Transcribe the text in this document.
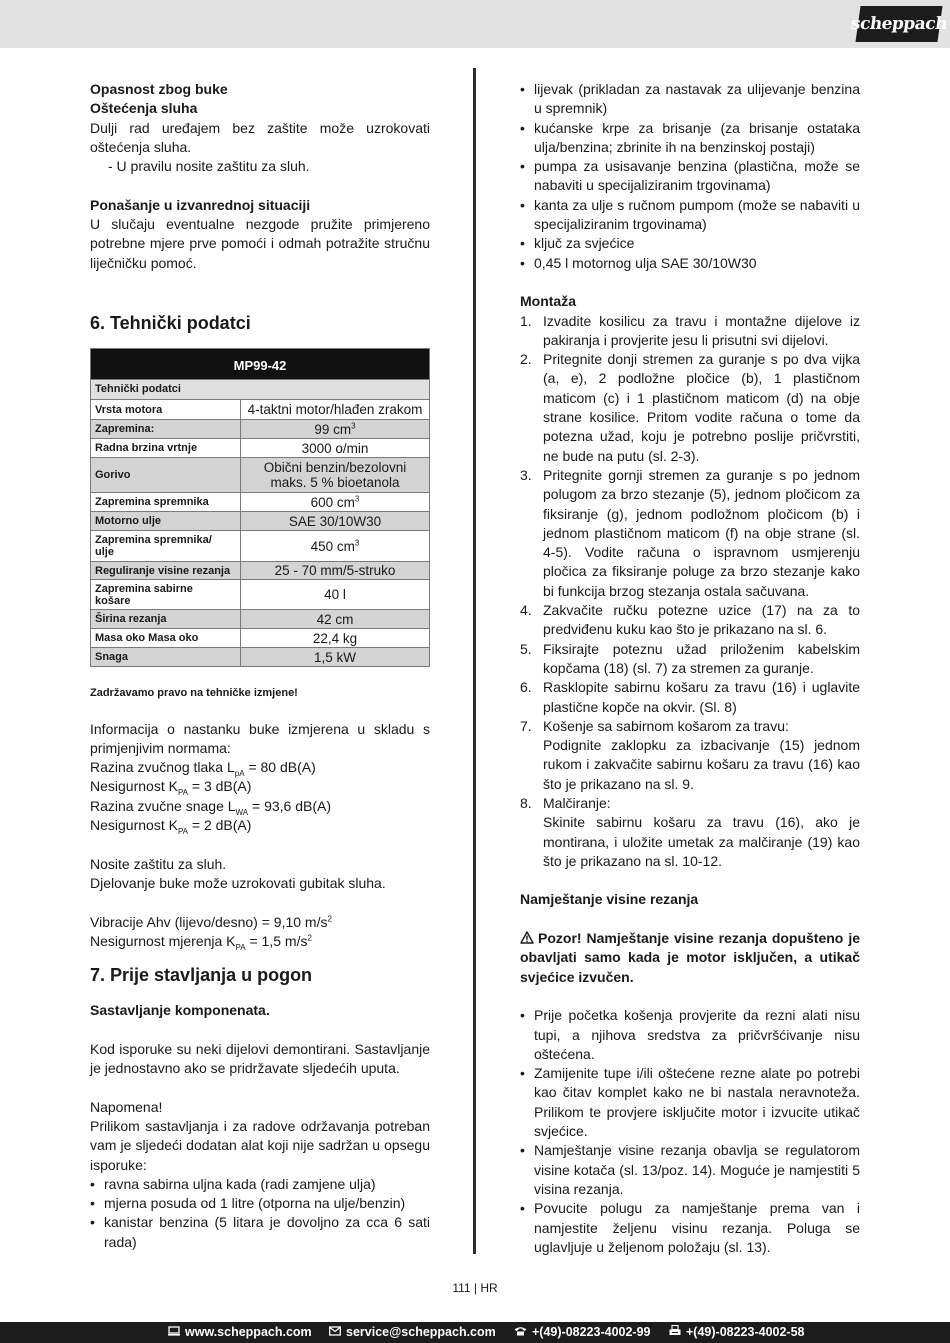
scheppach

Opasnost zbog buke

Oštećenja sluha

Dulji rad uređajem bez zaštite može uzrokovati oštećenja sluha.

- U pravilu nosite zaštitu za sluh.

Ponašanje u izvanrednoj situaciji

U slučaju eventualne nezgode pružite primjereno potrebne mjere prve pomoći i odmah potražite stručnu liječničku pomoć.

6. Tehnički podatci

MP99-42	
Tehnički podatci	
Vrsta motora	4-taktni motor/hlađen zrakom
Zapremina:	99 $cm^3$
Radna brzina vrtnje	3000 o/min
Gorivo	Obični benzin/bezolovni
maks. 5 % bioetanola

Zapremina spremnika	600 $cm^3$
Motorno ulje	SAE 30/10W30

Zapremina spremnika/
ulje	450 $cm^3$
Reguliranje visine rezanja	25 - 70 mm/5-struko

Zapremina sabirne
košare	40 l
Širina rezanja	42 cm
Masa oko Masa oko	22,4 kg
Snaga	1,5 kW

Zadržavamo pravo na tehničke izmjene!

Informacija o nastanku buke izmjerena u skladu s primjenjivim normama:

Razina zvučnog tlaka $L_{pA} = 80$ dB(A)

Nesigurnost $K_{PA} = 3$ dB(A)

Razina zvučne snage $L_{WA} = 93,6$ dB(A)

Nesigurnost $K_{PA} = 2$ dB(A)

Nosite zaštitu za sluh.

Djelovanje buke može uzrokovati gubitak sluha.

Vibracije Ahv (lijevo/desno) = 9,10 $m/s^2$

Nesigurnost mjerenja $K_{PA} = 1,5$ $m/s^2$

7. Prije stavljanja u pogon

Sastavljanje komponenata.

Kod isporuke su neki dijelovi demontirani. Sastavljanje je jednostavno ako se pridržavate sljedećih uputa.

Napomena!

Prilikom sastavljanja i za radove održavanja potreban vam je sljedeći dodatan alat koji nije sadržan u opsegu isporuke:

• ravna sabirna uljna kada (radi zamjene ulja)
• mjerna posuda od 1 litre (otporna na ulje/benzin)
• kanistar benzina (5 litara je dovoljno za cca 6 sati rada)
• lijevak (prikladan za nastavak za ulijevanje benzina u spremnik)
• kućanske krpe za brisanje (za brisanje ostataka ulja/benzina; zbrinite ih na benzinskoj postaji)
• pumpa za usisavanje benzina (plastična, može se nabaviti u specijaliziranim trgovinama)
• kanta za ulje s ručnom pumpom (može se nabaviti u specijaliziranim trgovinama)
• ključ za svjećice
• 0,45 l motornog ulja SAE 30/10W30

Montaža

1. Izvadite kosilicu za travu i montažne dijelove iz pakiranja i provjerite jesu li prisutni svi dijelovi.
2. Pritegnite donji stremen za guranje s po dva vijka (a, e), 2 podložne pločice (b), 1 plastičnom maticom (c) i 1 plastičnom maticom (d) na obje strane kosilice. Pritom vodite računa o tome da potezna užad, koju je potrebno poslije pričvrstiti, ne bude na putu (sl. 2-3).
3. Pritegnite gornji stremen za guranje s po jednom polugom za brzo stezanje (5), jednom pločicom za fiksiranje (g), jednom podložnom pločicom (b) i jednom plastičnom maticom (f) na obje strane (sl. 4-5). Vodite računa o ispravnom usmjerenju pločica za fiksiranje poluge za brzo stezanje kako bi funkcija brzog stezanja ostala sačuvana.
4. Zakvačite ručku potezne uzice (17) na za to predviđenu kuku kao što je prikazano na sl. 6.
5. Fiksirajte poteznu užad priloženim kabelskim kopčama (18) (sl. 7) za stremen za guranje.
6. Rasklopite sabirnu košaru za travu (16) i uglavite plastične kopče na okvir. (Sl. 8)
7. Košenje sa sabirnom košarom za travu:
Podignite zaklopku za izbacivanje (15) jednom rukom i zakvačite sabirnu košaru za travu (16) kao što je prikazano na sl. 9.
8. Malčiranje:
Skinite sabirnu košaru za travu (16), ako je montirana, i uložite umetak za malčiranje (19) kao što je prikazano na sl. 10-12.

Namještanje visine rezanja

Pozor! Namještanje visine rezanja dopušteno je obavljati samo kada je motor isključen, a utikač svjećice izvučen.

• Prije početka košenja provjerite da rezni alati nisu tupi, a njihova sredstva za pričvršćivanje nisu oštećena.
• Zamijenite tupe i/ili oštećene rezne alate po potrebi kao čitav komplet kako ne bi nastala neravnoteža. Prilikom te provjere isključite motor i izvucite utikač svjećice.
• Namještanje visine rezanja obavlja se regulatorom visine kotača (sl. 13/poz. 14). Moguće je namjestiti 5 visina rezanja.
• Povucite polugu za namještanje prema van i namjestite željenu visinu rezanja. Poluga se uglavljuje u željenom položaju (sl. 13).
111 | HR
www.scheppach.com	service@scheppach.com	+(49)-08223-4002-99	+(49)-08223-4002-58
